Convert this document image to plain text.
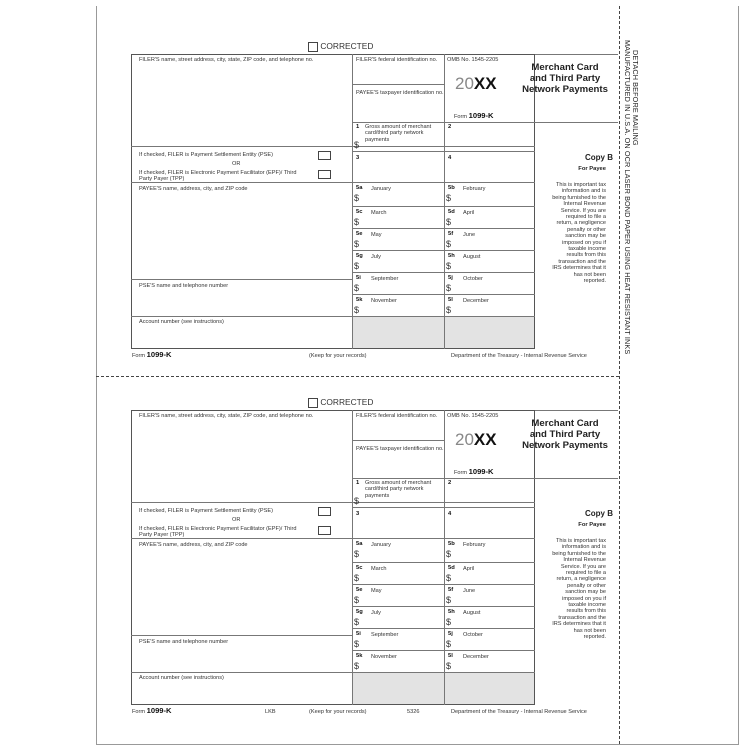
DETACH BEFORE MAILING
MANUFACTURED IN U.S.A. ON OCR LASER BOND PAPER USING HEAT RESISTANT INKS
CORRECTED
FILER'S name, street address, city, state, ZIP code, and telephone no.	FILER'S federal identification no.
PAYEE'S taxpayer identification no.
OMB No. 1545-2205
20XX
Form 1099-K
Merchant Card
and Third Party
Network Payments
If checked, FILER is Payment Settlement Entity (PSE)
OR
If checked, FILER is Electronic Payment Facilitator (EPF)/ Third Party Payer (TPP)
PAYEE'S name, address, city, and ZIP code
PSE'S name and telephone number
Account number (see instructions)
1 Gross amount of merchant card/third party network payments
$
2
3	4
5a January
$
5b February
$
5c March
$
5d April
$
5e May
$
5f June
$
5g July
$
5h August
$
5i September
$
5j October
$
5k November
$
5l December
$
Copy B
For Payee
This is important tax
information and is
being furnished to the
Internal Revenue
Service. If you are
required to file a
return, a negligence
penalty or other
sanction may be
imposed on you if
taxable income
results from this
transaction and the
IRS determines that it
has not been
reported.
Form 1099-K	(Keep for your records)	Department of the Treasury - Internal Revenue Service
CORRECTED
FILER'S name, street address, city, state, ZIP code, and telephone no.	FILER'S federal identification no.
PAYEE'S taxpayer identification no.
OMB No. 1545-2205
20XX
Form 1099-K
Merchant Card
and Third Party
Network Payments
If checked, FILER is Payment Settlement Entity (PSE)
OR
If checked, FILER is Electronic Payment Facilitator (EPF)/ Third Party Payer (TPP)
PAYEE'S name, address, city, and ZIP code
PSE'S name and telephone number
Account number (see instructions)
1 Gross amount of merchant card/third party network payments
$
2
3	4
5a January
$
5b February
$
5c March
$
5d April
$
5e May
$
5f June
$
5g July
$
5h August
$
5i September
$
5j October
$
5k November
$
5l December
$
Copy B
For Payee
This is important tax
information and is
being furnished to the
Internal Revenue
Service. If you are
required to file a
return, a negligence
penalty or other
sanction may be
imposed on you if
taxable income
results from this
transaction and the
IRS determines that it
has not been
reported.
Form 1099-K	LKB	(Keep for your records)	5326	Department of the Treasury - Internal Revenue Service
